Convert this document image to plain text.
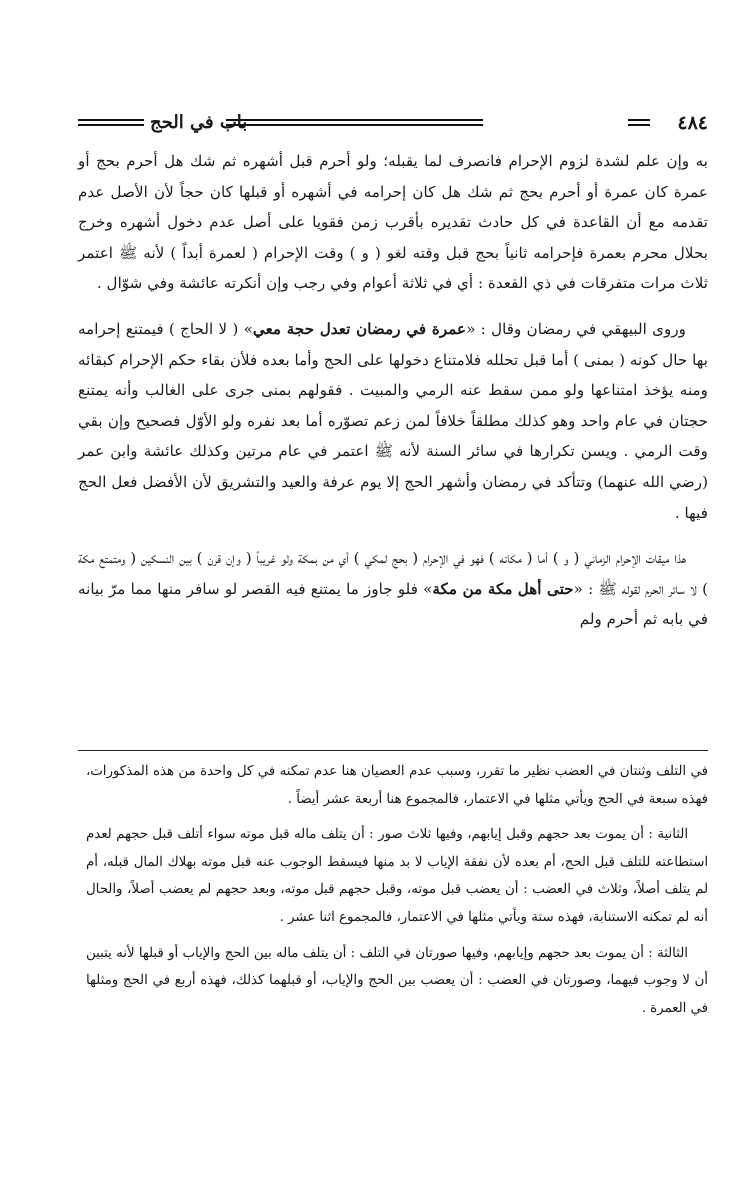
٤٨٤
باب في الحج

به وإن علم لشدة لزوم الإحرام فانصرف لما يقبله؛ ولو أحرم قبل أشهره ثم شك هل أحرم بحج أو عمرة كان عمرة أو أحرم بحج ثم شك هل كان إحرامه في أشهره أو قبلها كان حجاً لأن الأصل عدم تقدمه مع أن القاعدة في كل حادث تقديره بأقرب زمن فقويا على أصل عدم دخول أشهره وخرج بحلال محرم بعمرة فإحرامه ثانياً بحج قبل وقته لغو ( و ) وقت الإحرام ( لعمرة أبداً ) لأنه ﷺ اعتمر ثلاث مرات متفرقات في ذي القعدة : أي في ثلاثة أعوام وفي رجب وإن أنكرته عائشة وفي شوّال .

وروى البيهقي في رمضان وقال : «عمرة في رمضان تعدل حجة معي» ( لا الحاج ) فيمتنع إحرامه بها حال كونه ( بمنى ) أما قبل تحلله فلامتناع دخولها على الحج وأما بعده فلأن بقاء حكم الإحرام كبقائه ومنه يؤخذ امتناعها ولو ممن سقط عنه الرمي والمبيت . فقولهم بمنى جرى على الغالب وأنه يمتنع حجتان في عام واحد وهو كذلك مطلقاً خلافاً لمن زعم تصوّره أما بعد نفره ولو الأوّل فصحيح وإن بقي وقت الرمي . ويسن تكرارها في سائر السنة لأنه ﷺ اعتمر في عام مرتين وكذلك عائشة وابن عمر (رضي الله عنهما) وتتأكد في رمضان وأشهر الحج إلا يوم عرفة والعيد والتشريق لأن الأفضل فعل الحج فيها .

هذا ميقات الإحرام الزماني ( و ) أما ( مكانه ) فهو في الإحرام ( بحج لمكي ) أي من بمكة ولو غريباً ( وإن قرن ) بين النسكين ( ومتمتع مكة ) لا سائر الحرم لقوله ﷺ : «حتى أهل مكة من مكة» فلو جاوز ما يمتنع فيه القصر لو سافر منها مما مرّ بيانه في بابه ثم أحرم ولم

في التلف وثنتان في العضب نظير ما تقرر، وسبب عدم العصيان هنا عدم تمكنه في كل واحدة من هذه المذكورات، فهذه سبعة في الحج ويأتي مثلها في الاعتمار، فالمجموع هنا أربعة عشر أيضاً .

الثانية : أن يموت بعد حجهم وقبل إيابهم، وفيها ثلاث صور : أن يتلف ماله قبل موته سواء أتلف قبل حجهم لعدم استطاعته للتلف قبل الحج، أم بعده لأن نفقة الإياب لا بد منها فيسقط الوجوب عنه قبل موته بهلاك المال قبله، أم لم يتلف أصلاً، وثلاث في العضب : أن يعضب قبل موته، وقبل حجهم قبل موته، وبعد حجهم لم يعضب أصلاً، والحال أنه لم تمكنه الاستنابة، فهذه ستة ويأتي مثلها في الاعتمار، فالمجموع اثنا عشر .

الثالثة : أن يموت بعد حجهم وإيابهم، وفيها صورتان في التلف : أن يتلف ماله بين الحج والإياب أو قبلها لأنه يتبين أن لا وجوب فيهما، وصورتان في العضب : أن يعضب بين الحج والإياب، أو قبلهما كذلك، فهذه أربع في الحج ومثلها في العمرة .
